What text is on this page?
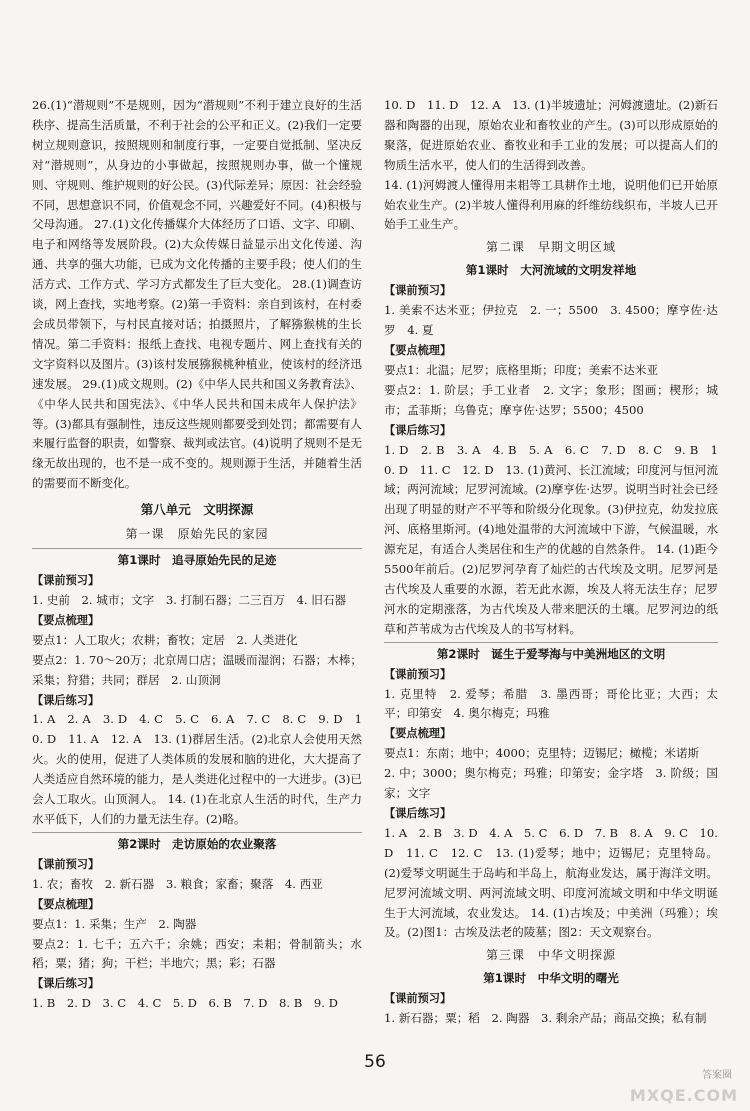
26.(1)“潜规则”不是规则，因为“潜规则”不利于建立良好的生活秩序、提高生活质量，不利于社会的公平和正义。(2)我们一定要树立规则意识，按照规则和制度行事，一定要自觉抵制、坚决反对“潜规则”，从身边的小事做起，按照规则办事，做一个懂规则、守规则、维护规则的好公民。(3)代际差异；原因：社会经验不同，思想意识不同，价值观念不同，兴趣爱好不同。(4)积极与父母沟通。 27.(1)文化传播媒介大体经历了口语、文字、印刷、电子和网络等发展阶段。(2)大众传媒日益显示出文化传递、沟通、共享的强大功能，已成为文化传播的主要手段；使人们的生活方式、工作方式、学习方式都发生了巨大变化。 28.(1)调查访谈，网上查找，实地考察。(2)第一手资料：亲自到该村，在村委会成员带领下，与村民直接对话；拍摄照片，了解猕猴桃的生长情况。第二手资料：报纸上查找、电视专题片、网上查找有关的文字资料以及图片。(3)该村发展猕猴桃种植业，使该村的经济迅速发展。 29.(1)成文规则。(2)《中华人民共和国义务教育法》、《中华人民共和国宪法》、《中华人民共和国未成年人保护法》等。(3)都具有强制性，违反这些规则都要受到处罚；都需要有人来履行监督的职责，如警察、裁判或法官。(4)说明了规则不是无缘无故出现的，也不是一成不变的。规则源于生活，并随着生活的需要而不断变化。

第八单元　文明探源
第一课　原始先民的家园
第1课时　追寻原始先民的足迹
【课前预习】

1. 史前　2. 城市；文字　3. 打制石器；二三百万　4. 旧石器

【要点梳理】

要点1：人工取火；农耕；畜牧；定居　2. 人类进化
要点2：1. 70～20万；北京周口店；温暖而湿润；石器；木棒；采集；狩猎；共同；群居　2. 山顶洞

【课后练习】

1. A　2. A　3. D　4. C　5. C　6. A　7. C　8. C　9. D　10. D　11. A　12. A　13. (1)群居生活。(2)北京人会使用天然火。火的使用，促进了人类体质的发展和脑的进化，大大提高了人类适应自然环境的能力，是人类进化过程中的一大进步。(3)已会人工取火。山顶洞人。 14. (1)在北京人生活的时代，生产力水平低下，人们的力量无法生存。(2)略。

第2课时　走访原始的农业聚落
【课前预习】

1. 农；畜牧　2. 新石器　3. 粮食；家畜；聚落　4. 西亚

【要点梳理】

要点1：1. 采集；生产　2. 陶器
要点2：1. 七千；五六千；余姚；西安；耒耜；骨制箭头；水稻；粟；猪；狗；干栏；半地穴；黑；彩；石器

【课后练习】

1. B　2. D　3. C　4. C　5. D　6. B　7. D　8. B　9. D

10. D　11. D　12. A　13. (1)半坡遗址；河姆渡遗址。(2)新石器和陶器的出现，原始农业和畜牧业的产生。(3)可以形成原始的聚落，促进原始农业、畜牧业和手工业的发展；可以提高人们的物质生活水平，使人们的生活得到改善。
14. (1)河姆渡人懂得用耒耜等工具耕作土地，说明他们已开始原始农业生产。(2)半坡人懂得利用麻的纤维纺线织布，半坡人已开始手工业生产。

第二课　早期文明区域
第1课时　大河流域的文明发祥地
【课前预习】

1. 美索不达米亚；伊拉克　2. 一；5500　3. 4500；摩亨佐·达罗　4. 夏

【要点梳理】

要点1：北温；尼罗；底格里斯；印度；美索不达米亚
要点2：1. 阶层；手工业者　2. 文字；象形；图画；楔形；城市；孟菲斯；乌鲁克；摩亨佐·达罗；5500；4500

【课后练习】

1. D　2. B　3. A　4. B　5. A　6. C　7. D　8. C　9. B　10. D　11. C　12. D　13. (1)黄河、长江流域；印度河与恒河流域；两河流域；尼罗河流域。(2)摩亨佐·达罗。说明当时社会已经出现了明显的财产不平等和阶级分化现象。(3)伊拉克，幼发拉底河、底格里斯河。(4)地处温带的大河流域中下游，气候温暖，水源充足，有适合人类居住和生产的优越的自然条件。 14. (1)距今5500年前后。(2)尼罗河孕育了灿烂的古代埃及文明。尼罗河是古代埃及人重要的水源，若无此水源，埃及人将无法生存；尼罗河水的定期涨落，为古代埃及人带来肥沃的土壤。尼罗河边的纸草和芦苇成为古代埃及人的书写材料。

第2课时　诞生于爱琴海与中美洲地区的文明
【课前预习】

1. 克里特　2. 爱琴；希腊　3. 墨西哥；哥伦比亚；大西；太平；印第安　4. 奥尔梅克；玛雅

【要点梳理】

要点1：东南；地中；4000；克里特；迈锡尼；橄榄；米诺斯
2. 中；3000；奥尔梅克；玛雅；印第安；金字塔　3. 阶级；国家；文字

【课后练习】

1. A　2. B　3. D　4. A　5. C　6. D　7. B　8. A　9. C　10. D　11. C　12. C　13. (1)爱琴；地中；迈锡尼；克里特岛。(2)爱琴文明诞生于岛屿和半岛上，航海业发达，属于海洋文明。尼罗河流域文明、两河流域文明、印度河流域文明和中华文明诞生于大河流域，农业发达。 14. (1)古埃及；中美洲（玛雅）；埃及。(2)图1：古埃及法老的陵墓；图2：天文观察台。

第三课　中华文明探源
第1课时　中华文明的曙光
【课前预习】

1. 新石器；粟；稻　2. 陶器　3. 剩余产品；商品交换；私有制

56
答案圈
MXQE.COM
